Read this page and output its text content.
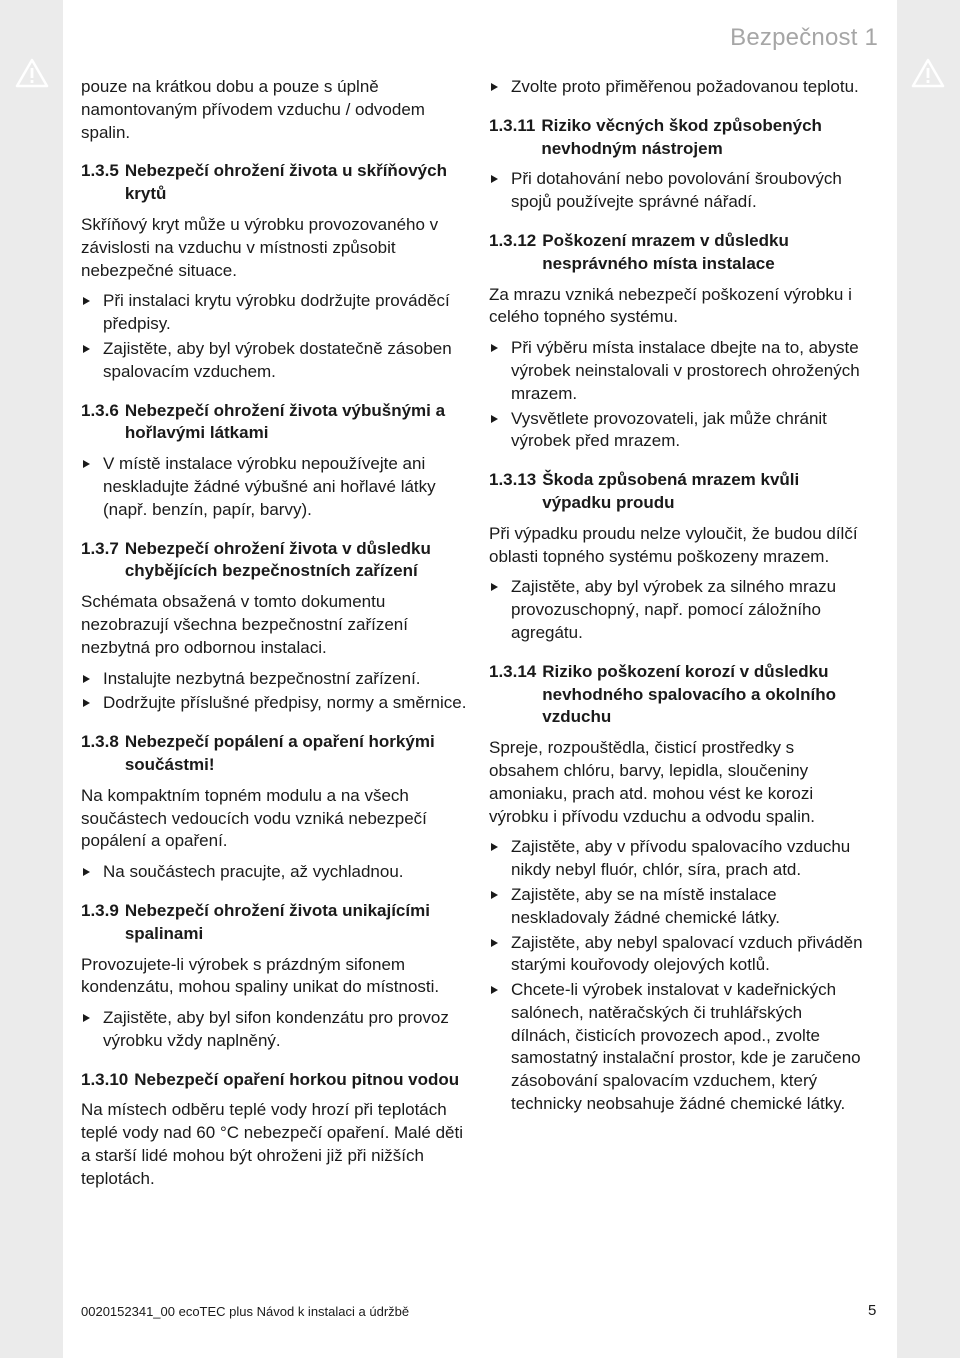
Bezpečnost 1

pouze na krátkou dobu a pouze s úplně namontovaným přívodem vzduchu / odvodem spalin.

1.3.5 Nebezpečí ohrožení života u skříňových krytů

Skříňový kryt může u výrobku provozovaného v závislosti na vzduchu v místnosti způsobit nebezpečné situace.

Při instalaci krytu výrobku dodržujte prováděcí předpisy.

Zajistěte, aby byl výrobek dostatečně zásoben spalovacím vzduchem.

1.3.6 Nebezpečí ohrožení života výbušnými a hořlavými látkami

V místě instalace výrobku nepoužívejte ani neskladujte žádné výbušné ani hořlavé látky (např. benzín, papír, barvy).

1.3.7 Nebezpečí ohrožení života v důsledku chybějících bezpečnostních zařízení

Schémata obsažená v tomto dokumentu nezobrazují všechna bezpečnostní zařízení nezbytná pro odbornou instalaci.

Instalujte nezbytná bezpečnostní zařízení.

Dodržujte příslušné předpisy, normy a směrnice.

1.3.8 Nebezpečí popálení a opaření horkými součástmi!

Na kompaktním topném modulu a na všech součástech vedoucích vodu vzniká nebezpečí popálení a opaření.

Na součástech pracujte, až vychladnou.

1.3.9 Nebezpečí ohrožení života unikajícími spalinami

Provozujete-li výrobek s prázdným sifonem kondenzátu, mohou spaliny unikat do místnosti.

Zajistěte, aby byl sifon kondenzátu pro provoz výrobku vždy naplněný.

1.3.10 Nebezpečí opaření horkou pitnou vodou

Na místech odběru teplé vody hrozí při teplotách teplé vody nad 60 °C nebezpečí opaření. Malé děti a starší lidé mohou být ohroženi již při nižších teplotách.

Zvolte proto přiměřenou požadovanou teplotu.

1.3.11 Riziko věcných škod způsobených nevhodným nástrojem

Při dotahování nebo povolování šroubových spojů používejte správné nářadí.

1.3.12 Poškození mrazem v důsledku nesprávného místa instalace

Za mrazu vzniká nebezpečí poškození výrobku i celého topného systému.

Při výběru místa instalace dbejte na to, abyste výrobek neinstalovali v prostorech ohrožených mrazem.

Vysvětlete provozovateli, jak může chránit výrobek před mrazem.

1.3.13 Škoda způsobená mrazem kvůli výpadku proudu

Při výpadku proudu nelze vyloučit, že budou dílčí oblasti topného systému poškozeny mrazem.

Zajistěte, aby byl výrobek za silného mrazu provozuschopný, např. pomocí záložního agregátu.

1.3.14 Riziko poškození korozí v důsledku nevhodného spalovacího a okolního vzduchu

Spreje, rozpouštědla, čisticí prostředky s obsahem chlóru, barvy, lepidla, sloučeniny amoniaku, prach atd. mohou vést ke korozi výrobku i přívodu vzduchu a odvodu spalin.

Zajistěte, aby v přívodu spalovacího vzduchu nikdy nebyl fluór, chlór, síra, prach atd.

Zajistěte, aby se na místě instalace neskladovaly žádné chemické látky.

Zajistěte, aby nebyl spalovací vzduch přiváděn starými kouřovody olejových kotlů.

Chcete-li výrobek instalovat v kadeřnických salónech, natěračských či truhlářských dílnách, čisticích provozech apod., zvolte samostatný instalační prostor, kde je zaručeno zásobování spalovacím vzduchem, který technicky neobsahuje žádné chemické látky.

0020152341_00 ecoTEC plus Návod k instalaci a údržbě	5
